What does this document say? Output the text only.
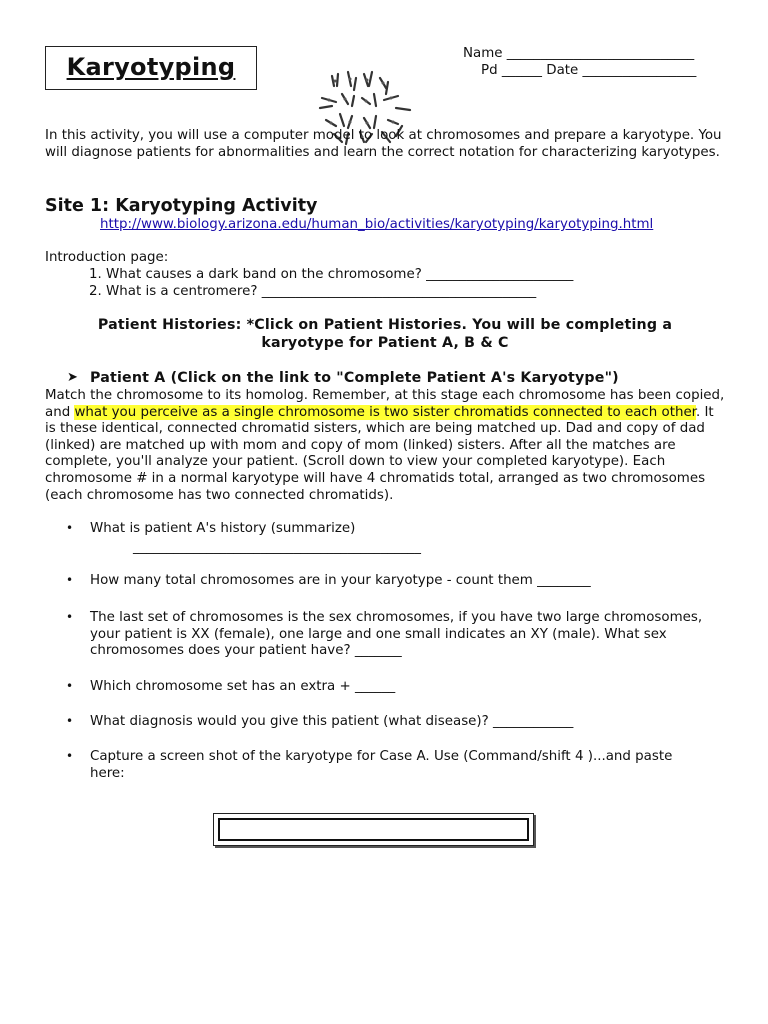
Karyotyping	Name ____________________________
Pd ______ Date _________________
In this activity, you will use a computer model to look at chromosomes and prepare a karyotype. You will diagnose patients for abnormalities and learn the correct notation for characterizing karyotypes.
Site 1: Karyotyping Activity
http://www.biology.arizona.edu/human_bio/activities/karyotyping/karyotyping.html
Introduction page:
1. What causes a dark band on the chromosome? ______________________
2. What is a centromere? _________________________________________
Patient Histories: *Click on Patient Histories. You will be completing a
karyotype for Patient A, B & C
➤ Patient A (Click on the link to "Complete Patient A's Karyotype")
Match the chromosome to its homolog. Remember, at this stage each chromosome has been copied, and what you perceive as a single chromosome is two sister chromatids connected to each other. It is these identical, connected chromatid sisters, which are being matched up. Dad and copy of dad (linked) are matched up with mom and copy of mom (linked) sisters. After all the matches are complete, you'll analyze your patient. (Scroll down to view your completed karyotype). Each chromosome # in a normal karyotype will have 4 chromatids total, arranged as two chromosomes (each chromosome has two connected chromatids).
• What is patient A's history (summarize)
___________________________________________
• How many total chromosomes are in your karyotype - count them ________
• The last set of chromosomes is the sex chromosomes, if you have two large chromosomes, your patient is XX (female), one large and one small indicates an XY (male). What sex chromosomes does your patient have? _______
• Which chromosome set has an extra + ______
• What diagnosis would you give this patient (what disease)? ____________
• Capture a screen shot of the karyotype for Case A. Use (Command/shift 4 )...and paste here:
